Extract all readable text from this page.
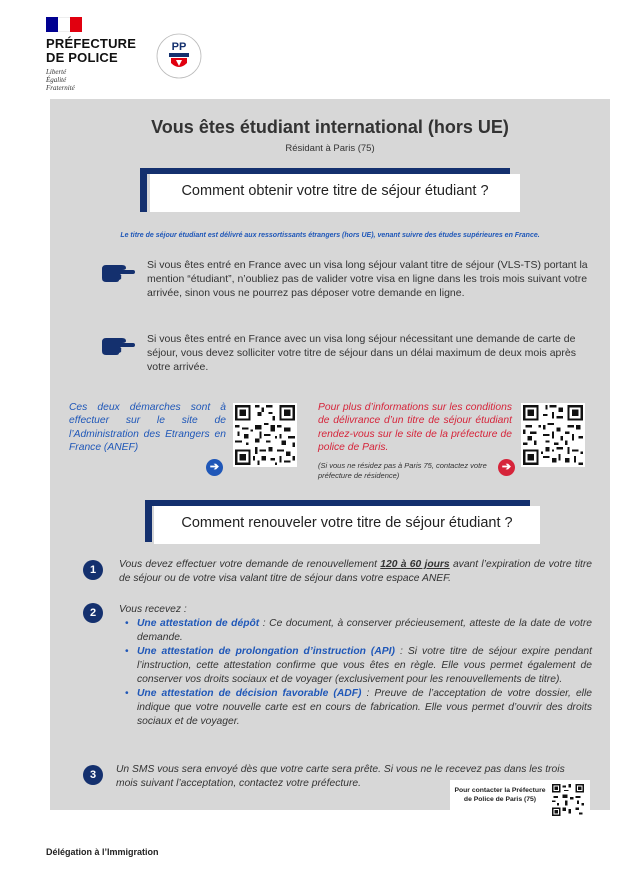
PRÉFECTURE
DE POLICE
Liberté
Égalité
Fraternité
PP
Vous êtes étudiant international (hors UE)
Résidant à Paris (75)
Comment obtenir votre titre de séjour étudiant ?
Le titre de séjour étudiant est délivré aux ressortissants étrangers (hors UE), venant suivre des études supérieures en France.
Si vous êtes entré en France avec un visa long séjour valant titre de séjour (VLS-TS) portant la mention “étudiant”, n’oubliez pas de valider votre visa en ligne dans les trois mois suivant votre arrivée, sinon vous ne pourrez pas déposer votre demande en ligne.
Si vous êtes entré en France avec un visa long séjour nécessitant une demande de carte de séjour, vous devez solliciter votre titre de séjour dans un délai maximum de deux mois après votre arrivée.
Ces deux démarches sont à effectuer sur le site de l’Administration des Etrangers en France (ANEF)
➔
Pour plus d’informations sur les conditions de délivrance d’un titre de séjour étudiant rendez-vous sur le site de la préfecture de police de Paris.
(Si vous ne résidez pas à Paris 75, contactez votre préfecture de résidence)
➔
Comment renouveler votre titre de séjour étudiant ?
1	Vous devez effectuer votre demande de renouvellement 120 à 60 jours avant l’expiration de votre titre de séjour ou de votre visa valant titre de séjour dans votre espace ANEF.
2	Vous recevez :
• Une attestation de dépôt : Ce document, à conserver précieusement, atteste de la date de votre demande.
• Une attestation de prolongation d’instruction (API) : Si votre titre de séjour expire pendant l’instruction, cette attestation confirme que vous êtes en règle. Elle vous permet également de conserver vos droits sociaux et de voyager (exclusivement pour les renouvellements de titre).
• Une attestation de décision favorable (ADF) : Preuve de l’acceptation de votre dossier, elle indique que votre nouvelle carte est en cours de fabrication. Elle vous permet d’ouvrir des droits sociaux et de voyager.
3	Un SMS vous sera envoyé dès que votre carte sera prête. Si vous ne le recevez pas dans les trois mois suivant l’acceptation, contactez votre préfecture.
Pour contacter la Préfecture de Police de Paris (75)
Délégation à l’Immigration
